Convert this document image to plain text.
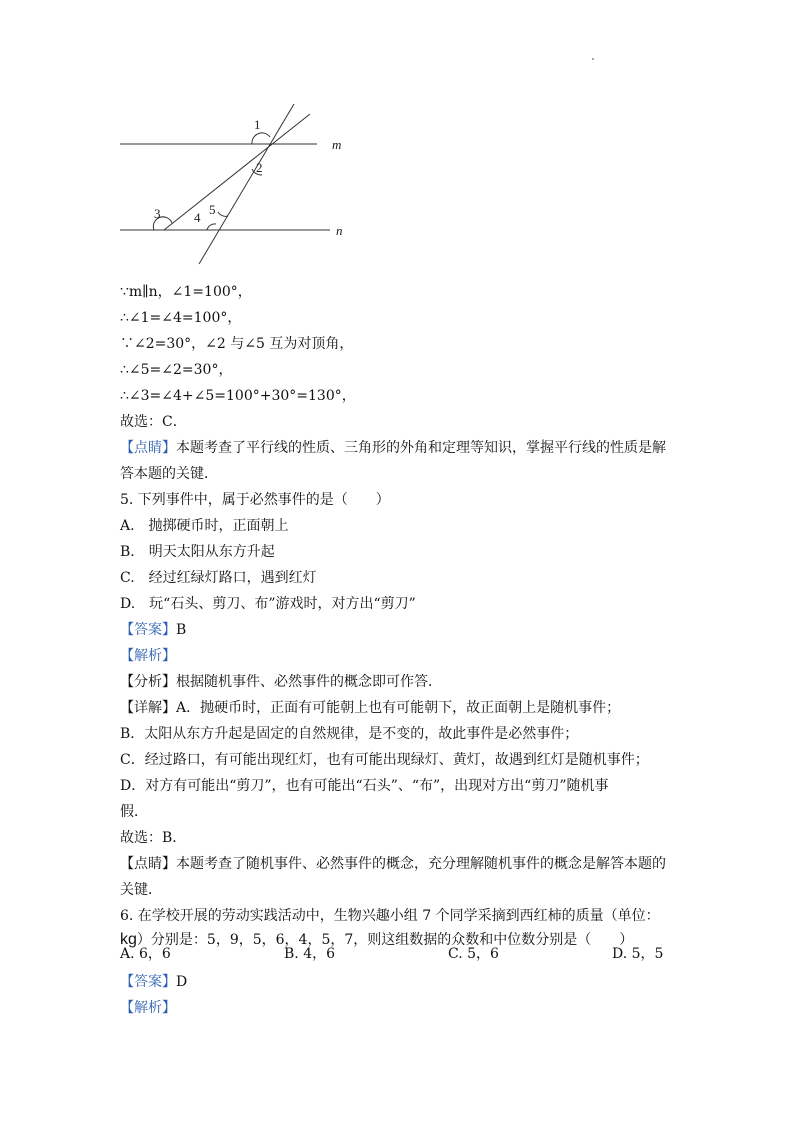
1
2
3	4
5
m
n
∵m∥n，∠1=100°，
∴∠1=∠4=100°，
∵∠2=30°，∠2 与∠5 互为对顶角，
∴∠5=∠2=30°，
∴∠3=∠4+∠5=100°+30°=130°，
故选：C．
【点睛】本题考查了平行线的性质、三角形的外角和定理等知识，掌握平行线的性质是解
答本题的关键．
5. 下列事件中，属于必然事件的是（　　）
A.　抛掷硬币时，正面朝上
B.　明天太阳从东方升起
C.　经过红绿灯路口，遇到红灯
D.　玩“石头、剪刀、布”游戏时，对方出“剪刀”
【答案】B
【解析】
【分析】根据随机事件、必然事件的概念即可作答．
【详解】A．抛硬币时，正面有可能朝上也有可能朝下，故正面朝上是随机事件；
B．太阳从东方升起是固定的自然规律，是不变的，故此事件是必然事件；
C．经过路口，有可能出现红灯，也有可能出现绿灯、黄灯，故遇到红灯是随机事件；
D．对方有可能出“剪刀”，也有可能出“石头”、“布”，出现对方出“剪刀”随机事
假．
故选：B．
【点睛】本题考查了随机事件、必然事件的概念，充分理解随机事件的概念是解答本题的
关键．
6. 在学校开展的劳动实践活动中，生物兴趣小组 7 个同学采摘到西红柿的质量（单位：
kg）分别是：5，9，5，6，4，5，7，则这组数据的众数和中位数分别是（　　）
A. 6，6	B. 4，6	C. 5，6	D. 5，5
【答案】D
【解析】
